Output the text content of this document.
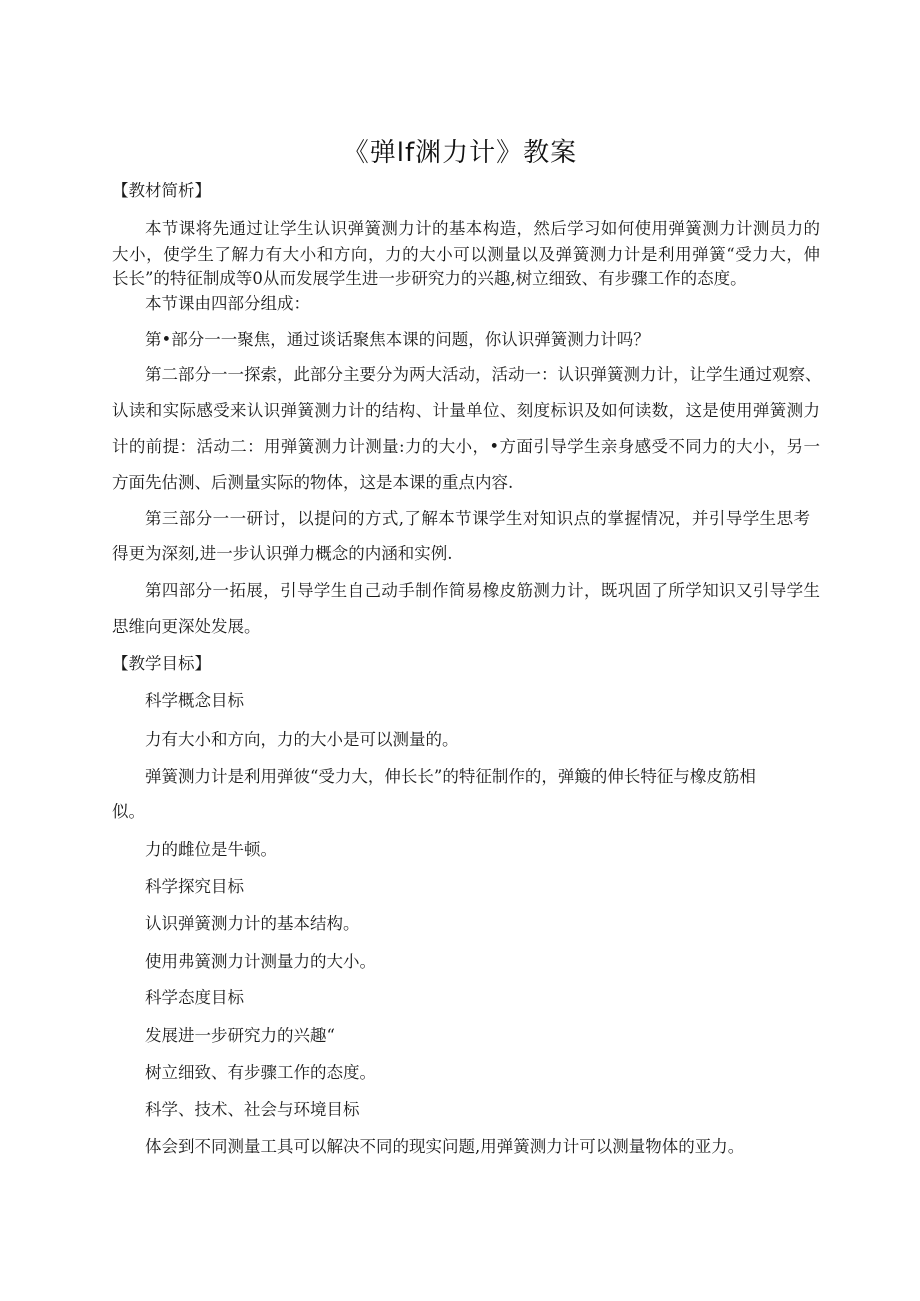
《弹lf渊力计》教案
【教材简析】
本节课将先通过让学生认识弹簧测力计的基本构造，然后学习如何使用弹簧测力计测员力的
大小，使学生了解力有大小和方向，力的大小可以测量以及弹簧测力计是利用弹簧“受力大，伸
长长”的特征制成等0从而发展学生进一步研究力的兴趣,树立细致、有步骤工作的态度。
本节课由四部分组成：
第•部分一一聚焦，通过谈话聚焦本课的问题，你认识弹簧测力计吗？
第二部分一一探索，此部分主要分为两大活动，活动一：认识弹簧测力计，让学生通过观察、
认读和实际感受来认识弹簧测力计的结构、计量单位、刻度标识及如何读数，这是使用弹簧测力
计的前提：活动二：用弹簧测力计测量:力的大小，•方面引导学生亲身感受不同力的大小，另一
方面先估测、后测量实际的物体，这是本课的重点内容.
第三部分一一研讨，以提问的方式,了解本节课学生对知识点的掌握情况，并引导学生思考
得更为深刻,进一步认识弹力概念的内涵和实例.
第四部分一拓展，引导学生自己动手制作简易橡皮筋测力计，既巩固了所学知识又引导学生
思维向更深处发展。
【教学目标】
科学概念目标
力有大小和方向，力的大小是可以测量的。
弹簧测力计是利用弹彼“受力大，伸长长”的特征制作的，弹簸的伸长特征与橡皮筋相
似。
力的雌位是牛顿。
科学探究目标
认识弹簧测力计的基本结构。
使用弗簧测力计测量力的大小。
科学态度目标
发展进一步研究力的兴趣“
树立细致、有步骤工作的态度。
科学、技术、社会与环境目标
体会到不同测量工具可以解决不同的现实问题,用弹簧测力计可以测量物体的亚力。
